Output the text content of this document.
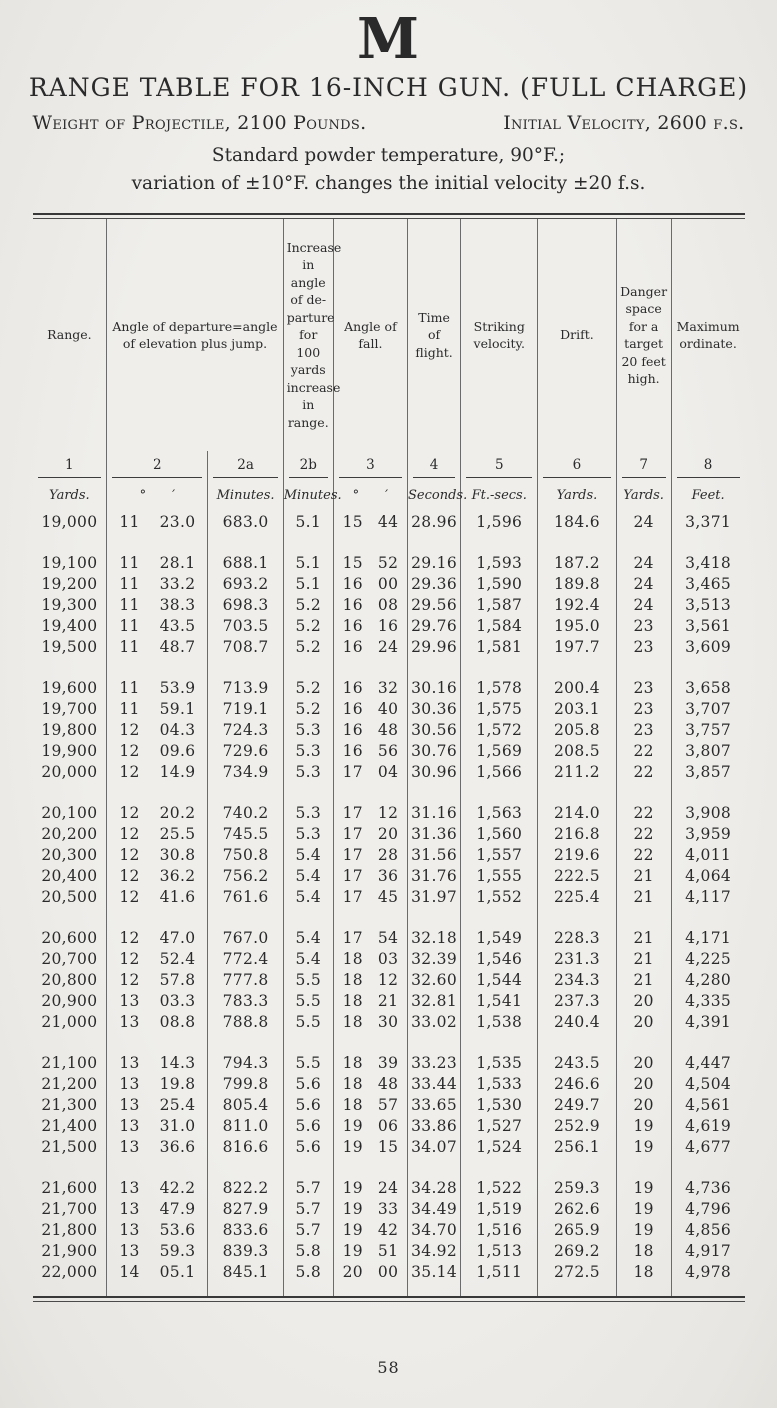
M
RANGE TABLE FOR 16-INCH GUN. (FULL CHARGE)
Weight of Projectile, 2100 Pounds.	Initial Velocity, 2600 f.s.
Standard powder temperature, 90°F.;
variation of ±10°F. changes the initial velocity ±20 f.s.
Range.	Angle of departure=angle of elevation plus jump.		Increase in angle of departure for 100 yards increase in range.	Angle of fall.	Time of flight.	Striking velocity.	Drift.	Danger space for a target 20 feet high.	Maximum ordinate.
1	2	2a	2b	3	4	5	6	7	8
Yards.	° ′	Minutes.	Minutes.	° ′	Seconds.	Ft.-secs.	Yards.	Yards.	Feet.
19,000	11 23.0	683.0	5.1	15 44	28.96	1,596	184.6	24	3,371

19,100	11 28.1	688.1	5.1	15 52	29.16	1,593	187.2	24	3,418
19,200	11 33.2	693.2	5.1	16 00	29.36	1,590	189.8	24	3,465
19,300	11 38.3	698.3	5.2	16 08	29.56	1,587	192.4	24	3,513
19,400	11 43.5	703.5	5.2	16 16	29.76	1,584	195.0	23	3,561
19,500	11 48.7	708.7	5.2	16 24	29.96	1,581	197.7	23	3,609

19,600	11 53.9	713.9	5.2	16 32	30.16	1,578	200.4	23	3,658
19,700	11 59.1	719.1	5.2	16 40	30.36	1,575	203.1	23	3,707
19,800	12 04.3	724.3	5.3	16 48	30.56	1,572	205.8	23	3,757
19,900	12 09.6	729.6	5.3	16 56	30.76	1,569	208.5	22	3,807
20,000	12 14.9	734.9	5.3	17 04	30.96	1,566	211.2	22	3,857

20,100	12 20.2	740.2	5.3	17 12	31.16	1,563	214.0	22	3,908
20,200	12 25.5	745.5	5.3	17 20	31.36	1,560	216.8	22	3,959
20,300	12 30.8	750.8	5.4	17 28	31.56	1,557	219.6	22	4,011
20,400	12 36.2	756.2	5.4	17 36	31.76	1,555	222.5	21	4,064
20,500	12 41.6	761.6	5.4	17 45	31.97	1,552	225.4	21	4,117

20,600	12 47.0	767.0	5.4	17 54	32.18	1,549	228.3	21	4,171
20,700	12 52.4	772.4	5.4	18 03	32.39	1,546	231.3	21	4,225
20,800	12 57.8	777.8	5.5	18 12	32.60	1,544	234.3	21	4,280
20,900	13 03.3	783.3	5.5	18 21	32.81	1,541	237.3	20	4,335
21,000	13 08.8	788.8	5.5	18 30	33.02	1,538	240.4	20	4,391

21,100	13 14.3	794.3	5.5	18 39	33.23	1,535	243.5	20	4,447
21,200	13 19.8	799.8	5.6	18 48	33.44	1,533	246.6	20	4,504
21,300	13 25.4	805.4	5.6	18 57	33.65	1,530	249.7	20	4,561
21,400	13 31.0	811.0	5.6	19 06	33.86	1,527	252.9	19	4,619
21,500	13 36.6	816.6	5.6	19 15	34.07	1,524	256.1	19	4,677

21,600	13 42.2	822.2	5.7	19 24	34.28	1,522	259.3	19	4,736
21,700	13 47.9	827.9	5.7	19 33	34.49	1,519	262.6	19	4,796
21,800	13 53.6	833.6	5.7	19 42	34.70	1,516	265.9	19	4,856
21,900	13 59.3	839.3	5.8	19 51	34.92	1,513	269.2	18	4,917
22,000	14 05.1	845.1	5.8	20 00	35.14	1,511	272.5	18	4,978

58
